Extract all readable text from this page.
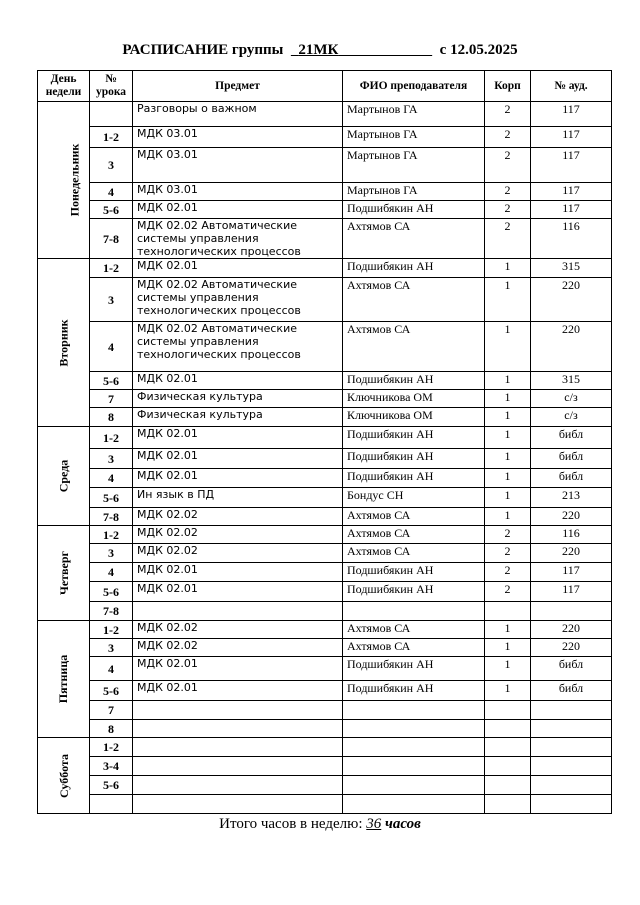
РАСПИСАНИЕ группы 21МК	с 12.05.2025
День недели	№ урока	Предмет	ФИО преподавателя	Корп	№ ауд.
Понедельник		Разговоры о важном	Мартынов ГА	2	117
	1-2	МДК 03.01	Мартынов ГА	2	117
	3	МДК 03.01	Мартынов ГА	2	117
	4	МДК 03.01	Мартынов ГА	2	117
	5-6	МДК 02.01	Подшибякин АН	2	117
	7-8	МДК 02.02 Автоматические системы управления технологических процессов	Ахтямов СА	2	116
Вторник	1-2	МДК 02.01	Подшибякин АН	1	315
	3	МДК 02.02 Автоматические системы управления технологических процессов	Ахтямов СА	1	220
	4	МДК 02.02 Автоматические системы управления технологических процессов	Ахтямов СА	1	220
	5-6	МДК 02.01	Подшибякин АН	1	315
	7	Физическая культура	Ключникова ОМ	1	с/з
	8	Физическая культура	Ключникова ОМ	1	с/з
Среда	1-2	МДК 02.01	Подшибякин АН	1	библ
	3	МДК 02.01	Подшибякин АН	1	библ
	4	МДК 02.01	Подшибякин АН	1	библ
	5-6	Ин язык в ПД	Бондус СН	1	213
	7-8	МДК 02.02	Ахтямов СА	1	220
Четверг	1-2	МДК 02.02	Ахтямов СА	2	116
	3	МДК 02.02	Ахтямов СА	2	220
	4	МДК 02.01	Подшибякин АН	2	117
	5-6	МДК 02.01	Подшибякин АН	2	117
	7-8				
Пятница	1-2	МДК 02.02	Ахтямов СА	1	220
	3	МДК 02.02	Ахтямов СА	1	220
	4	МДК 02.01	Подшибякин АН	1	библ
	5-6	МДК 02.01	Подшибякин АН	1	библ
	7				
	8				
Суббота	1-2				
	3-4				
	5-6				

Итого часов в неделю: 36 часов
